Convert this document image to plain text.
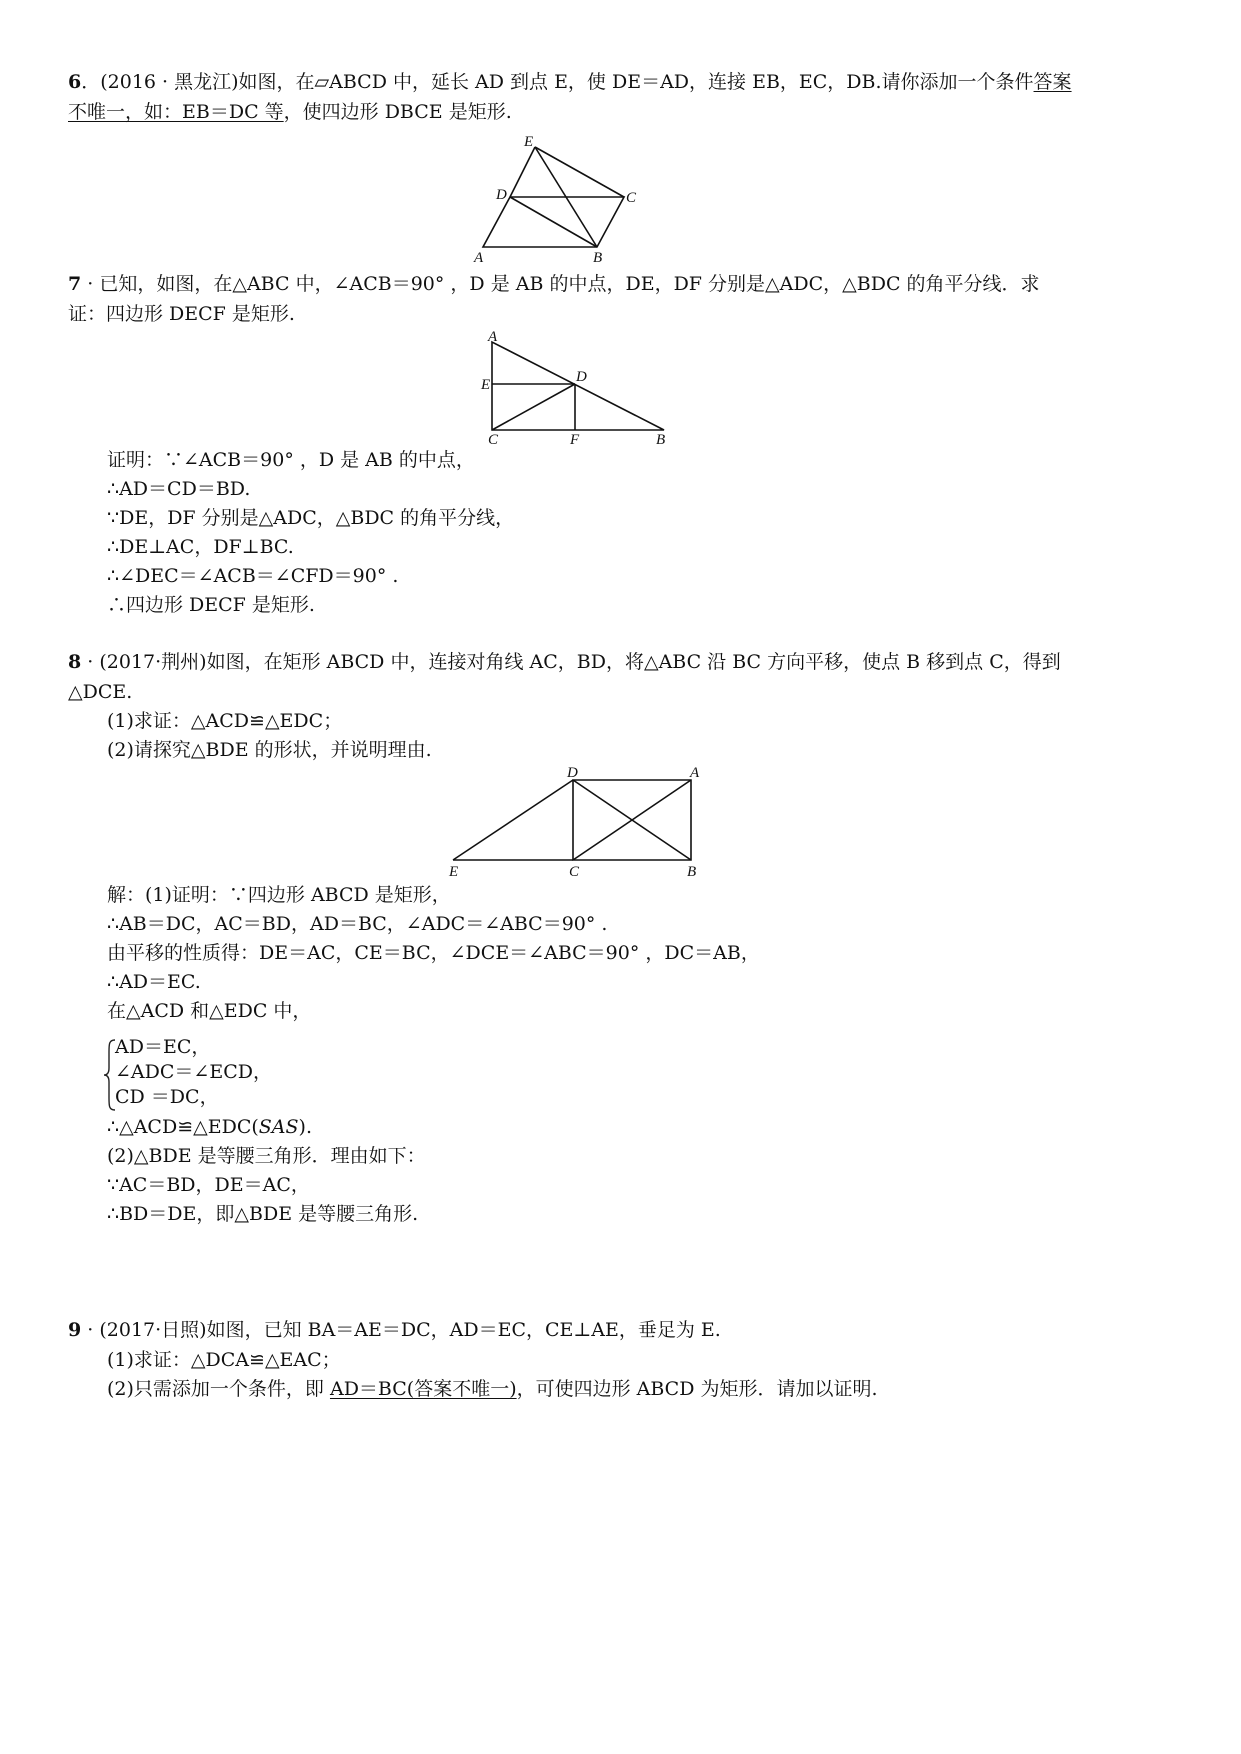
6．(2016 · 黑龙江)如图，在▱ABCD 中，延长 AD 到点 E，使 DE＝AD，连接 EB，EC，DB.请你添加一个条件答案
不唯一，如：EB＝DC 等，使四边形 DBCE 是矩形.
E
D	C
A	B
7 · 已知，如图，在△ABC 中，∠ACB＝90° ，D 是 AB 的中点，DE，DF 分别是△ADC，△BDC 的角平分线．求
证：四边形 DECF 是矩形.
A
E	D
C	F	B
证明：∵∠ACB＝90° ，D 是 AB 的中点，
∴AD＝CD＝BD.
∵DE，DF 分别是△ADC，△BDC 的角平分线，
∴DE⊥AC，DF⊥BC.
∴∠DEC＝∠ACB＝∠CFD＝90° .
∴四边形 DECF 是矩形.
8 · (2017·荆州)如图，在矩形 ABCD 中，连接对角线 AC，BD，将△ABC 沿 BC 方向平移，使点 B 移到点 C，得到
△DCE.
(1)求证：△ACD≌△EDC；
(2)请探究△BDE 的形状，并说明理由.
D	A
E	C	B
解：(1)证明：∵四边形 ABCD 是矩形，
∴AB＝DC，AC＝BD，AD＝BC，∠ADC＝∠ABC＝90° .
由平移的性质得：DE＝AC，CE＝BC，∠DCE＝∠ABC＝90° ，DC＝AB，
∴AD＝EC.
在△ACD 和△EDC 中，
AD＝EC，
∠ADC＝∠ECD，
CD ＝DC，
∴△ACD≌△EDC(SAS).
(2)△BDE 是等腰三角形．理由如下：
∵AC＝BD，DE＝AC，
∴BD＝DE，即△BDE 是等腰三角形.
9 · (2017·日照)如图，已知 BA＝AE＝DC，AD＝EC，CE⊥AE，垂足为 E.
(1)求证：△DCA≌△EAC；
(2)只需添加一个条件，即 AD＝BC(答案不唯一)，可使四边形 ABCD 为矩形．请加以证明.
